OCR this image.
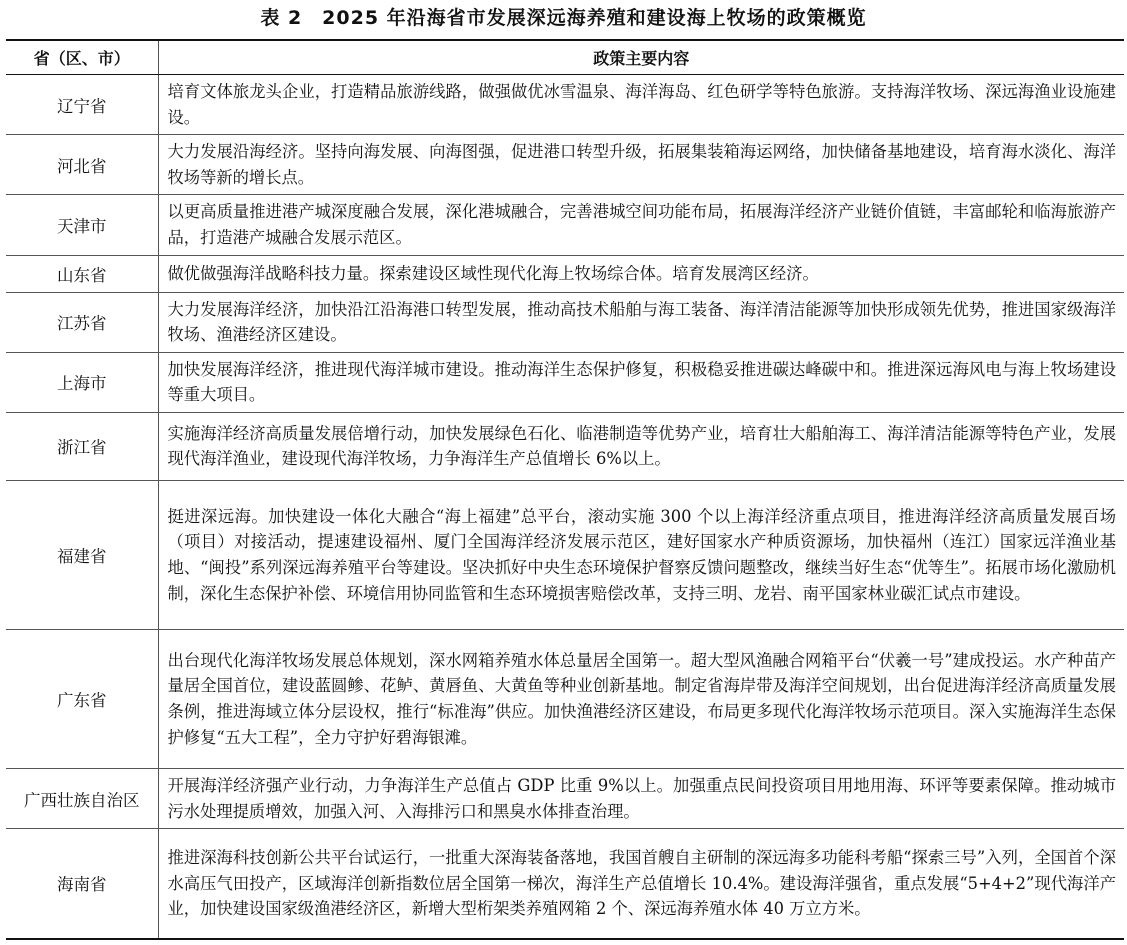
表 2　2025 年沿海省市发展深远海养殖和建设海上牧场的政策概览
省（区、市）	政策主要内容
辽宁省	培育文体旅龙头企业，打造精品旅游线路，做强做优冰雪温泉、海洋海岛、红色研学等特色旅游。支持海洋牧场、深远海渔业设施建设。
河北省	大力发展沿海经济。坚持向海发展、向海图强，促进港口转型升级，拓展集装箱海运网络，加快储备基地建设，培育海水淡化、海洋牧场等新的增长点。
天津市	以更高质量推进港产城深度融合发展，深化港城融合，完善港城空间功能布局，拓展海洋经济产业链价值链，丰富邮轮和临海旅游产品，打造港产城融合发展示范区。
山东省	做优做强海洋战略科技力量。探索建设区域性现代化海上牧场综合体。培育发展湾区经济。
江苏省	大力发展海洋经济，加快沿江沿海港口转型发展，推动高技术船舶与海工装备、海洋清洁能源等加快形成领先优势，推进国家级海洋牧场、渔港经济区建设。
上海市	加快发展海洋经济，推进现代海洋城市建设。推动海洋生态保护修复，积极稳妥推进碳达峰碳中和。推进深远海风电与海上牧场建设等重大项目。
浙江省	实施海洋经济高质量发展倍增行动，加快发展绿色石化、临港制造等优势产业，培育壮大船舶海工、海洋清洁能源等特色产业，发展现代海洋渔业，建设现代海洋牧场，力争海洋生产总值增长 6%以上。
福建省	挺进深远海。加快建设一体化大融合“海上福建”总平台，滚动实施 300 个以上海洋经济重点项目，推进海洋经济高质量发展百场（项目）对接活动，提速建设福州、厦门全国海洋经济发展示范区，建好国家水产种质资源场，加快福州（连江）国家远洋渔业基地、“闽投”系列深远海养殖平台等建设。坚决抓好中央生态环境保护督察反馈问题整改，继续当好生态“优等生”。拓展市场化激励机制，深化生态保护补偿、环境信用协同监管和生态环境损害赔偿改革，支持三明、龙岩、南平国家林业碳汇试点市建设。
广东省	出台现代化海洋牧场发展总体规划，深水网箱养殖水体总量居全国第一。超大型风渔融合网箱平台“伏羲一号”建成投运。水产种苗产量居全国首位，建设蓝圆鲹、花鲈、黄唇鱼、大黄鱼等种业创新基地。制定省海岸带及海洋空间规划，出台促进海洋经济高质量发展条例，推进海域立体分层设权，推行“标准海”供应。加快渔港经济区建设，布局更多现代化海洋牧场示范项目。深入实施海洋生态保护修复“五大工程”，全力守护好碧海银滩。
广西壮族自治区	开展海洋经济强产业行动，力争海洋生产总值占 GDP 比重 9%以上。加强重点民间投资项目用地用海、环评等要素保障。推动城市污水处理提质增效，加强入河、入海排污口和黑臭水体排查治理。
海南省	推进深海科技创新公共平台试运行，一批重大深海装备落地，我国首艘自主研制的深远海多功能科考船“探索三号”入列，全国首个深水高压气田投产，区域海洋创新指数位居全国第一梯次，海洋生产总值增长 10.4%。建设海洋强省，重点发展“5+4+2”现代海洋产业，加快建设国家级渔港经济区，新增大型桁架类养殖网箱 2 个、深远海养殖水体 40 万立方米。
